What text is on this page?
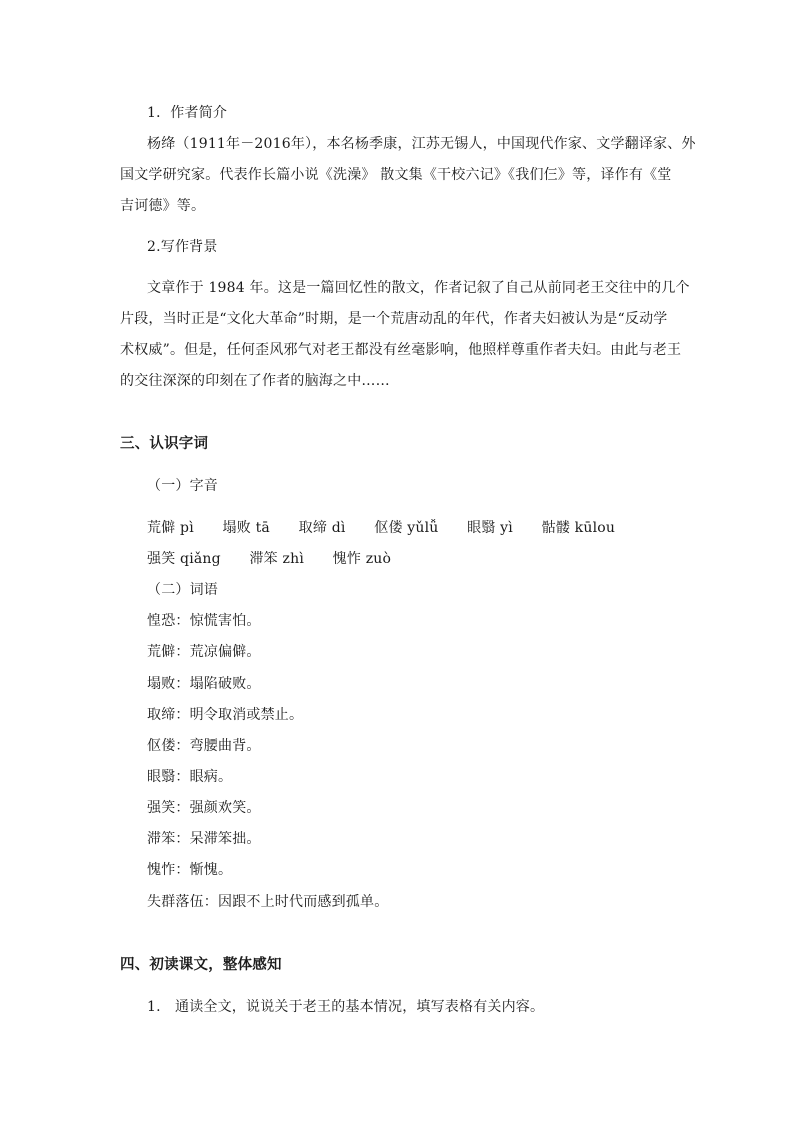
1．作者简介
杨绛（1911年－2016年），本名杨季康，江苏无锡人，中国现代作家、文学翻译家、外
国文学研究家。代表作长篇小说《洗澡》 散文集《干校六记》《我们仨》等，译作有《堂
吉诃德》等。
2.写作背景
文章作于 1984 年。这是一篇回忆性的散文，作者记叙了自己从前同老王交往中的几个
片段，当时正是“文化大革命”时期，是一个荒唐动乱的年代，作者夫妇被认为是“反动学
术权威”。但是，任何歪风邪气对老王都没有丝毫影响，他照样尊重作者夫妇。由此与老王
的交往深深的印刻在了作者的脑海之中……
三、认识字词
（一）字音
荒僻 pì 塌败 tā 取缔 dì 伛偻 yǔlǚ 眼翳 yì 骷髅 kūlou
强笑 qiǎng 滞笨 zhì 愧怍 zuò
（二）词语
惶恐：惊慌害怕。
荒僻：荒凉偏僻。
塌败：塌陷破败。
取缔：明令取消或禁止。
伛偻：弯腰曲背。
眼翳：眼病。
强笑：强颜欢笑。
滞笨：呆滞笨拙。
愧怍：惭愧。
失群落伍：因跟不上时代而感到孤单。
四、初读课文，整体感知
1. 通读全文，说说关于老王的基本情况，填写表格有关内容。
